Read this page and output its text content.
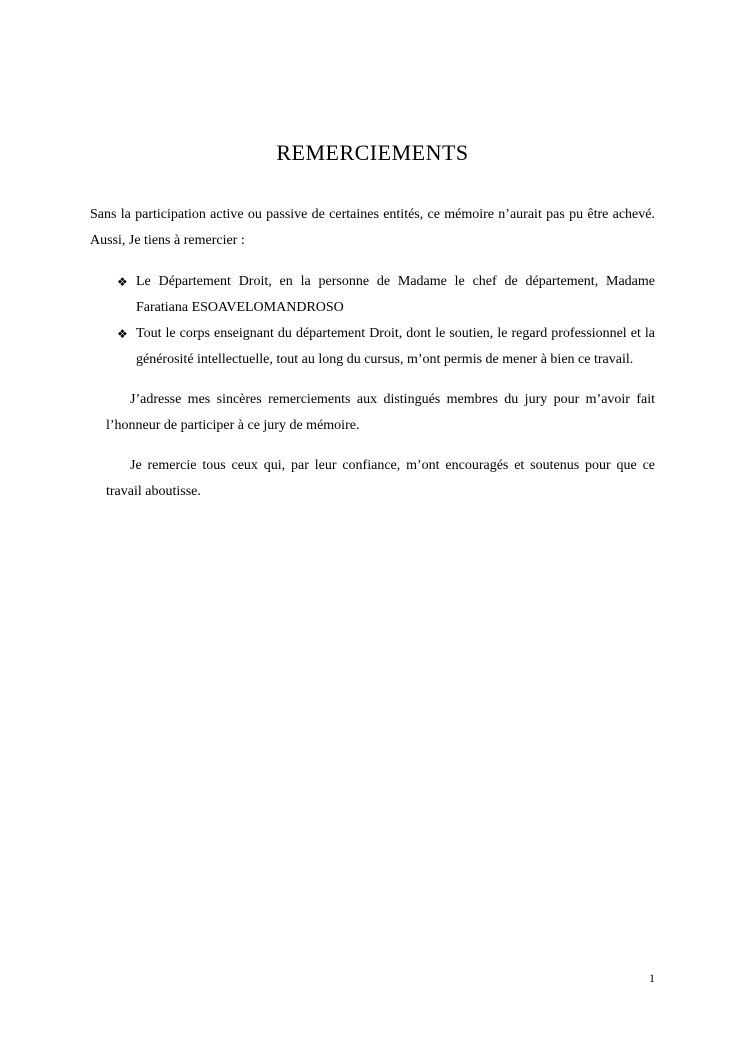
REMERCIEMENTS

Sans la participation active ou passive de certaines entités, ce mémoire n’aurait pas pu être achevé. Aussi, Je tiens à remercier :

❖ Le Département Droit, en la personne de Madame le chef de département, Madame Faratiana ESOAVELOMANDROSO
❖ Tout le corps enseignant du département Droit, dont le soutien, le regard professionnel et la générosité intellectuelle, tout au long du cursus, m’ont permis de mener à bien ce travail.

J’adresse mes sincères remerciements aux distingués membres du jury pour m’avoir fait l’honneur de participer à ce jury de mémoire.

Je remercie tous ceux qui, par leur confiance, m’ont encouragés et soutenus pour que ce travail aboutisse.

1
